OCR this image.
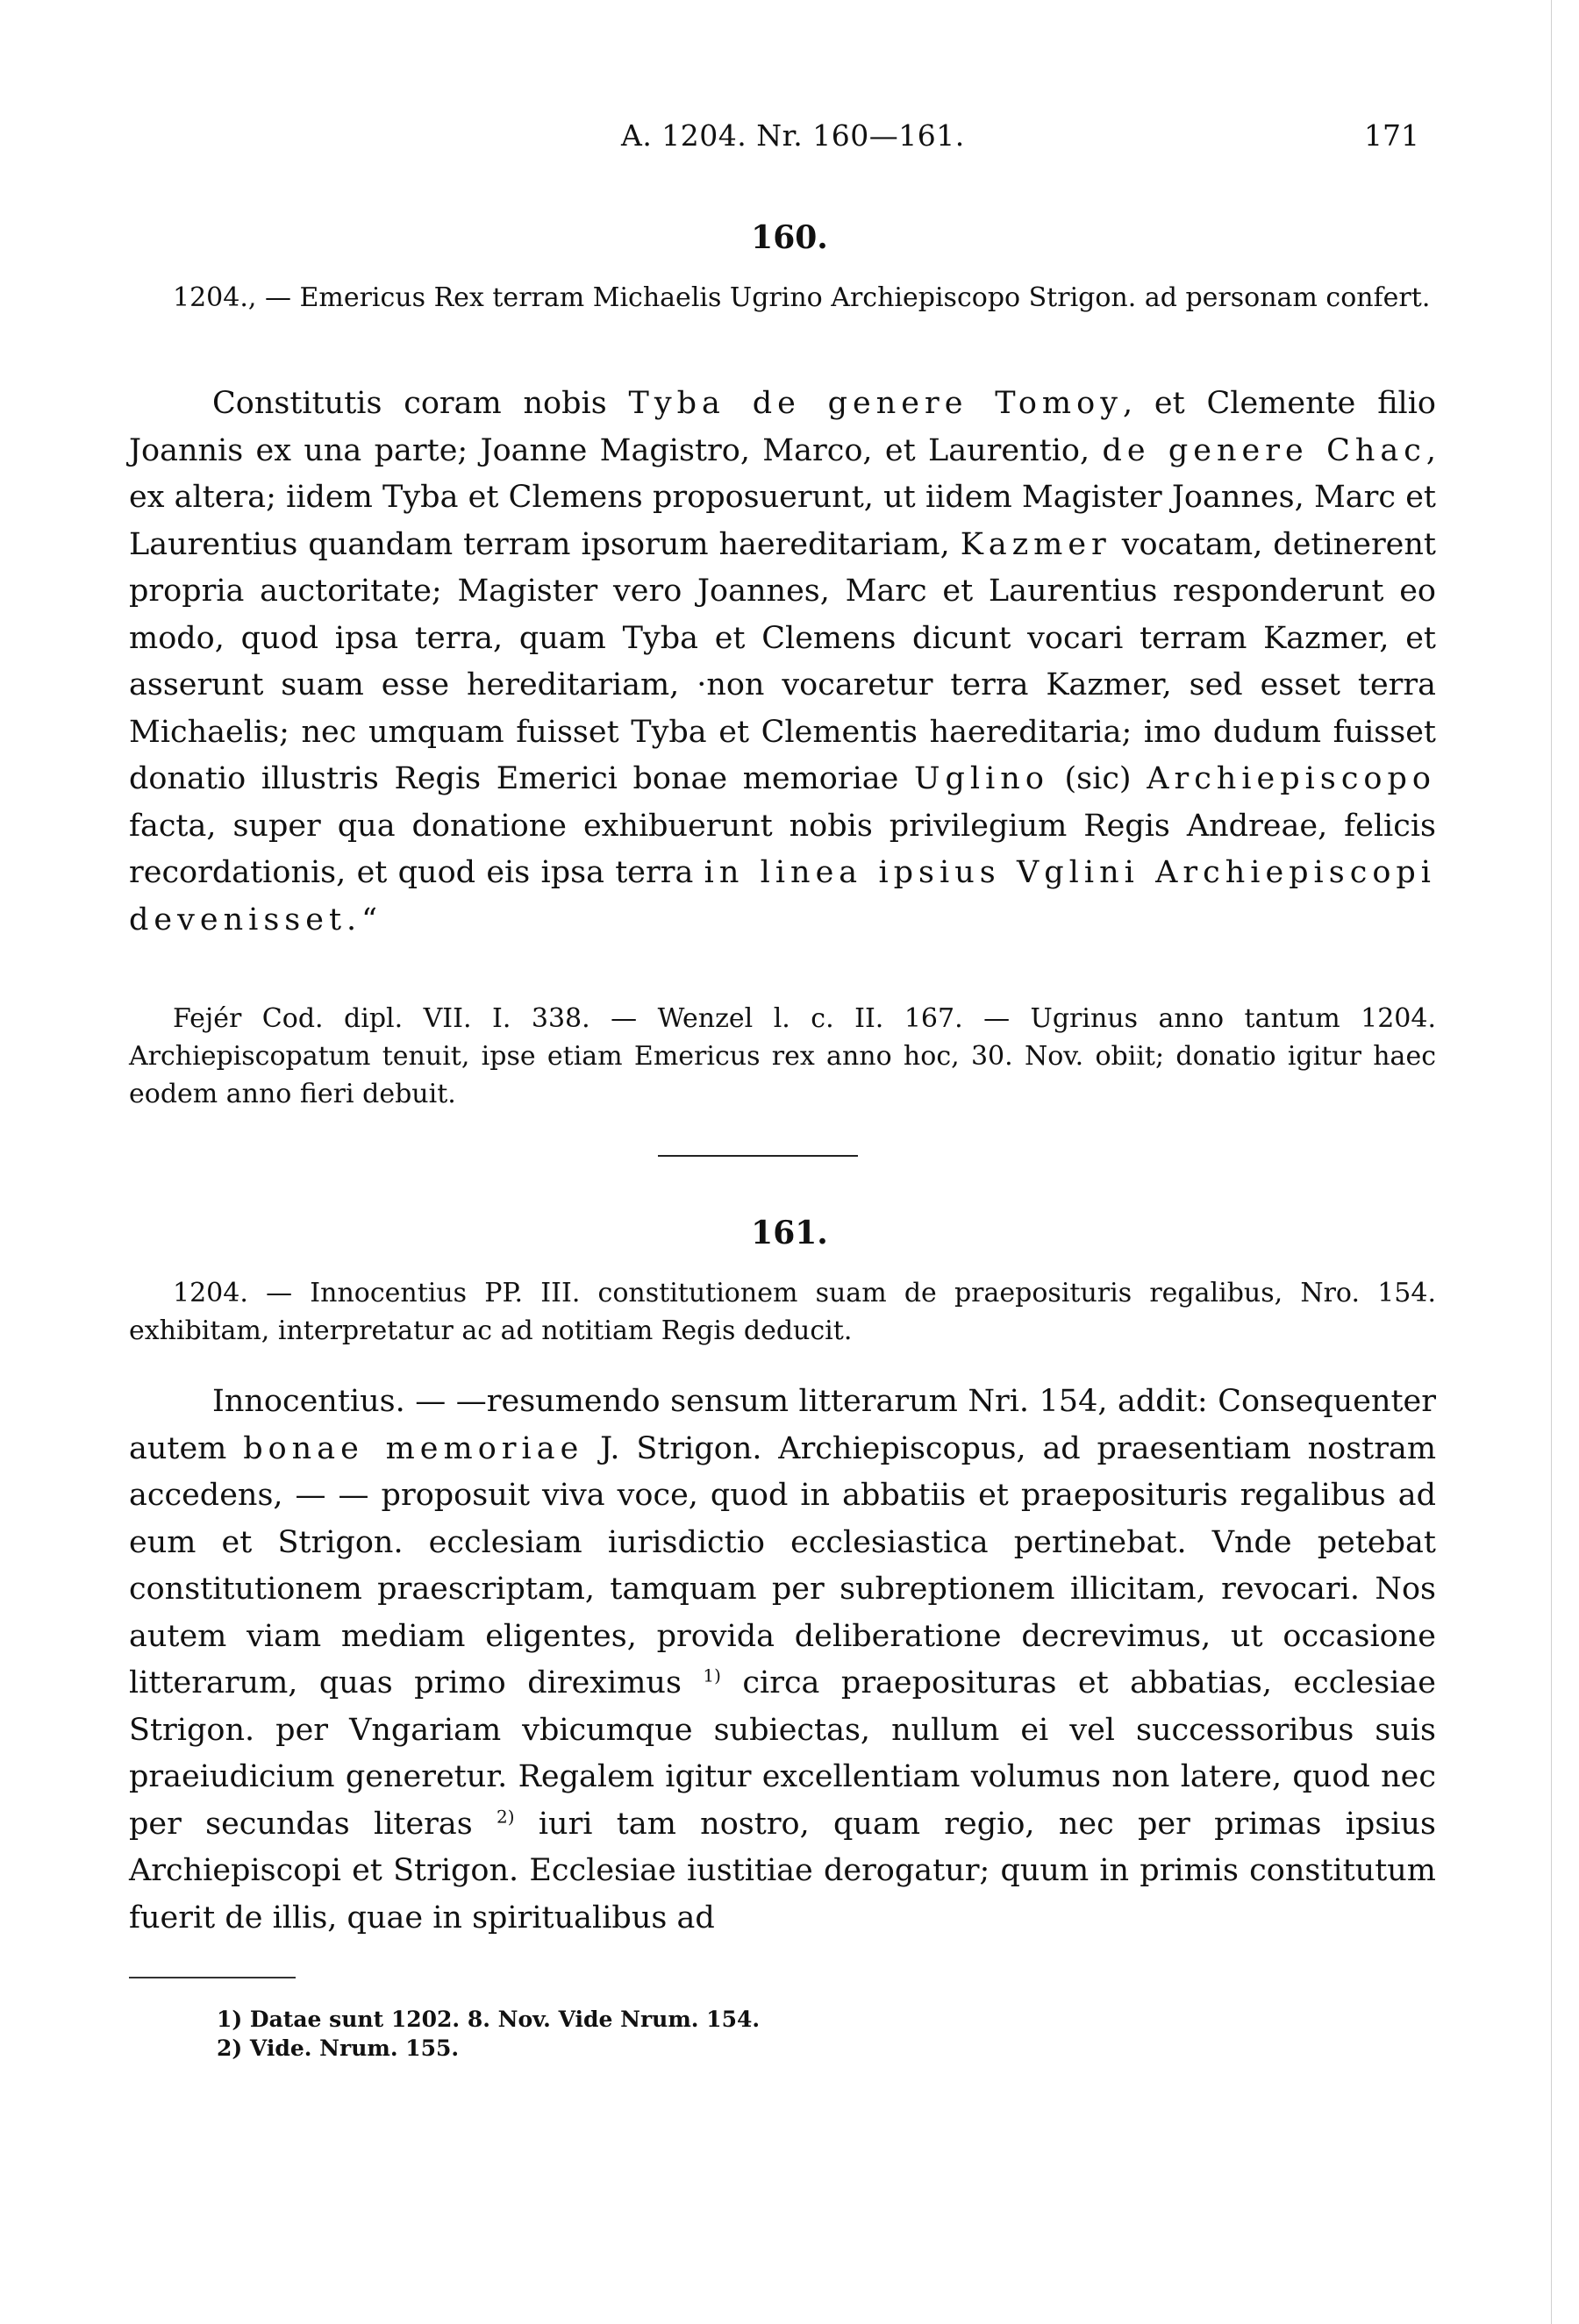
A. 1204. Nr. 160—161.	171
160.
1204., — Emericus Rex terram Michaelis Ugrino Archiepiscopo Strigon. ad personam confert.
Constitutis coram nobis Tyba de genere Tomoy, et Clemente filio Joannis ex una parte; Joanne Magistro, Marco, et Laurentio, de genere Chac, ex altera; iidem Tyba et Clemens proposuerunt, ut iidem Magister Joannes, Marc et Laurentius quandam terram ipsorum haereditariam, Kazmer vocatam, detinerent propria auctoritate; Magister vero Joannes, Marc et Laurentius responderunt eo modo, quod ipsa terra, quam Tyba et Clemens dicunt vocari terram Kazmer, et asserunt suam esse hereditariam, ·non vocaretur terra Kazmer, sed esset terra Michaelis; nec umquam fuisset Tyba et Clementis haereditaria; imo dudum fuisset donatio illustris Regis Emerici bonae memoriae Uglino (sic) Archiepiscopo facta, super qua donatione exhibuerunt nobis privilegium Regis Andreae, felicis recordationis, et quod eis ipsa terra in linea ipsius Vglini Archiepiscopi devenisset.“
Fejér Cod. dipl. VII. I. 338. — Wenzel l. c. II. 167. — Ugrinus anno tantum 1204. Archiepiscopatum tenuit, ipse etiam Emericus rex anno hoc, 30. Nov. obiit; donatio igitur haec eodem anno fieri debuit.
161.
1204. — Innocentius PP. III. constitutionem suam de praeposituris regalibus, Nro. 154. exhibitam, interpretatur ac ad notitiam Regis deducit.
Innocentius. — —resumendo sensum litterarum Nri. 154, addit: Consequenter autem bonae memoriae J. Strigon. Archiepiscopus, ad praesentiam nostram accedens, — — proposuit viva voce, quod in abbatiis et praeposituris regalibus ad eum et Strigon. ecclesiam iurisdictio ecclesiastica pertinebat. Vnde petebat constitutionem praescriptam, tamquam per subreptionem illicitam, revocari. Nos autem viam mediam eligentes, provida deliberatione decrevimus, ut occasione litterarum, quas primo direximus $^{1)}$ circa praeposituras et abbatias, ecclesiae Strigon. per Vngariam vbicumque subiectas, nullum ei vel successoribus suis praeiudicium generetur. Regalem igitur excellentiam volumus non latere, quod nec per secundas literas $^{2)}$ iuri tam nostro, quam regio, nec per primas ipsius Archiepiscopi et Strigon. Ecclesiae iustitiae derogatur; quum in primis constitutum fuerit de illis, quae in spiritualibus ad
1) Datae sunt 1202. 8. Nov. Vide Nrum. 154.
2) Vide. Nrum. 155.
